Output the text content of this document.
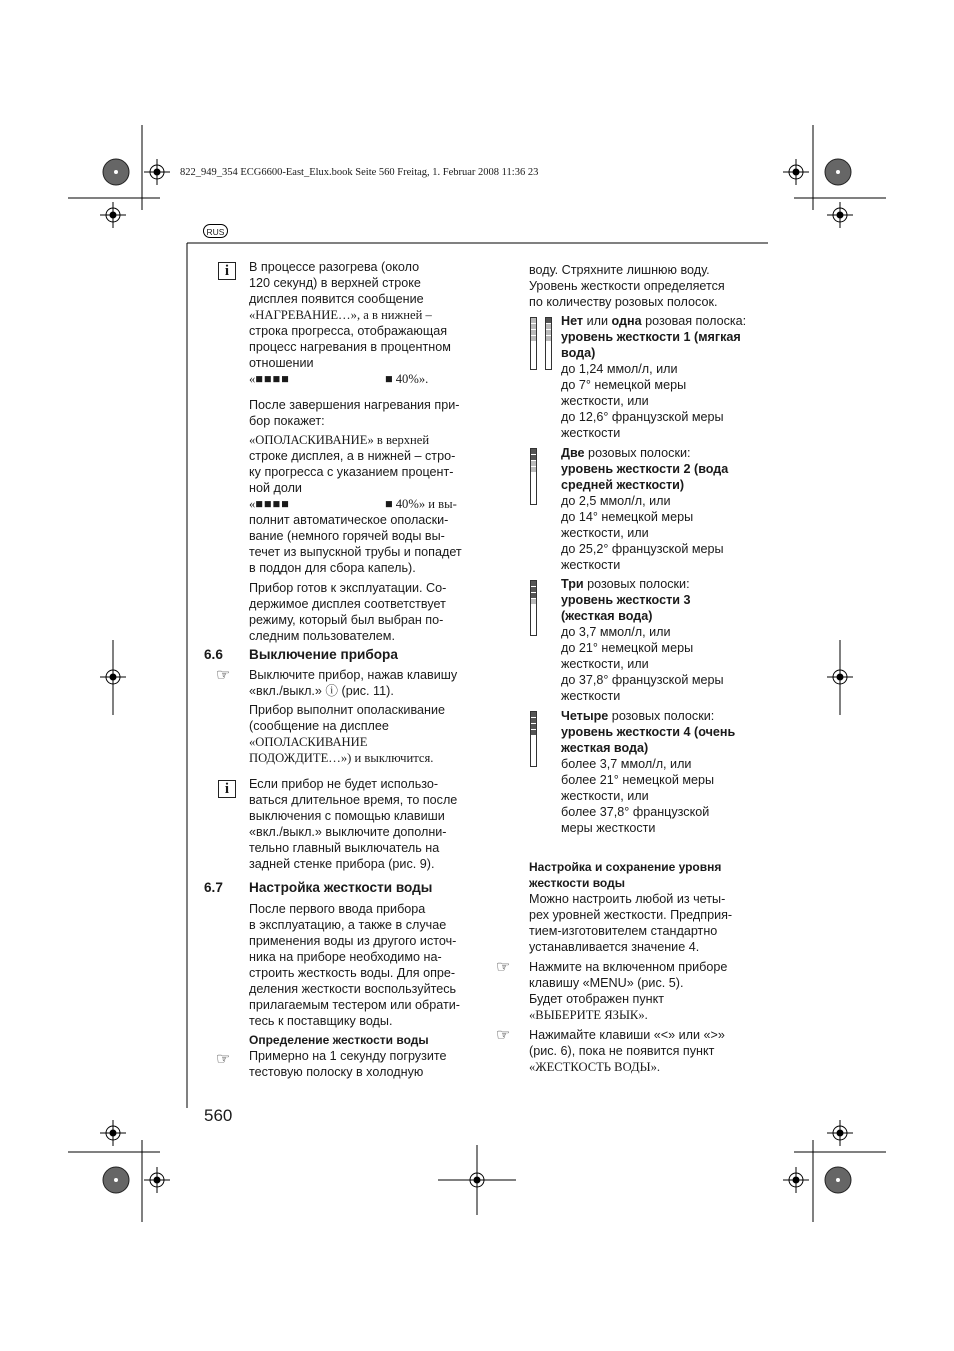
822_949_354 ECG6600-East_Elux.book Seite 560 Freitag, 1. Februar 2008 11:36 23
RUS
i	В процессе разогрева (около

120 секунд) в верхней строке

дисплея появится сообщение

«НАГРЕВАНИЕ…», а в нижней –

строка прогресса, отображающая

процесс нагревания в процентном

отношении

«■■■■	■ 40%».

После завершения нагревания при-

бор покажет:

«ОПОЛАСКИВАНИЕ» в верхней

строке дисплея, а в нижней – стро-

ку прогресса с указанием процент-

ной доли

«■■■■	■ 40%» и вы-

полнит автоматическое ополаски-

вание (немного горячей воды вы-

течет из выпускной трубы и попадет

в поддон для сбора капель).

Прибор готов к эксплуатации. Со-

держимое дисплея соответствует

режиму, который был выбран по-

следним пользователем.

6.6 Выключение прибора
☞ Выключите прибор, нажав клавишу

«вкл./выкл.» ⓘ (рис. 11).

Прибор выполнит ополаскивание

(сообщение на дисплее

«ОПОЛАСКИВАНИЕ

ПОДОЖДИТЕ…») и выключится.

i	Если прибор не будет использо-

ваться длительное время, то после

выключения с помощью клавиши

«вкл./выкл.» выключите дополни-

тельно главный выключатель на

задней стенке прибора (рис. 9).

6.7 Настройка жесткости воды

После первого ввода прибора

в эксплуатацию, а также в случае

применения воды из другого источ-

ника на приборе необходимо на-

строить жесткость воды. Для опре-

деления жесткости воспользуйтесь

прилагаемым тестером или обрати-

тесь к поставщику воды.

Определение жесткости воды

Примерно на 1 секунду погрузите

тестовую полоску в холодную

☞
560

воду. Стряхните лишнюю воду.

Уровень жесткости определяется

по количеству розовых полосок.

Нет или одна розовая полоска:

уровень жесткости 1 (мягкая

вода)

до 1,24 ммол/л, или

до 7° немецкой меры

жесткости, или

до 12,6° французской меры

жесткости

Две розовых полоски:

уровень жесткости 2 (вода

средней жесткости)

до 2,5 ммол/л, или

до 14° немецкой меры

жесткости, или

до 25,2° французской меры

жесткости

Три розовых полоски:

уровень жесткости 3

(жесткая вода)

до 3,7 ммол/л, или

до 21° немецкой меры

жесткости, или

до 37,8° французской меры

жесткости

Четыре розовых полоски:

уровень жесткости 4 (очень

жесткая вода)

более 3,7 ммол/л, или

более 21° немецкой меры

жесткости, или

более 37,8° французской

меры жесткости

Настройка и сохранение уровня

жесткости воды

Можно настроить любой из четы-

рех уровней жесткости. Предприя-

тием-изготовителем стандартно

устанавливается значение 4.

Нажмите на включенном приборе

клавишу «MENU» (рис. 5).

Будет отображен пункт

«ВЫБЕРИТЕ ЯЗЫК».

Нажимайте клавиши «<» или «>»

(рис. 6), пока не появится пункт

«ЖЕСТКОСТЬ ВОДЫ».

☞
☞
